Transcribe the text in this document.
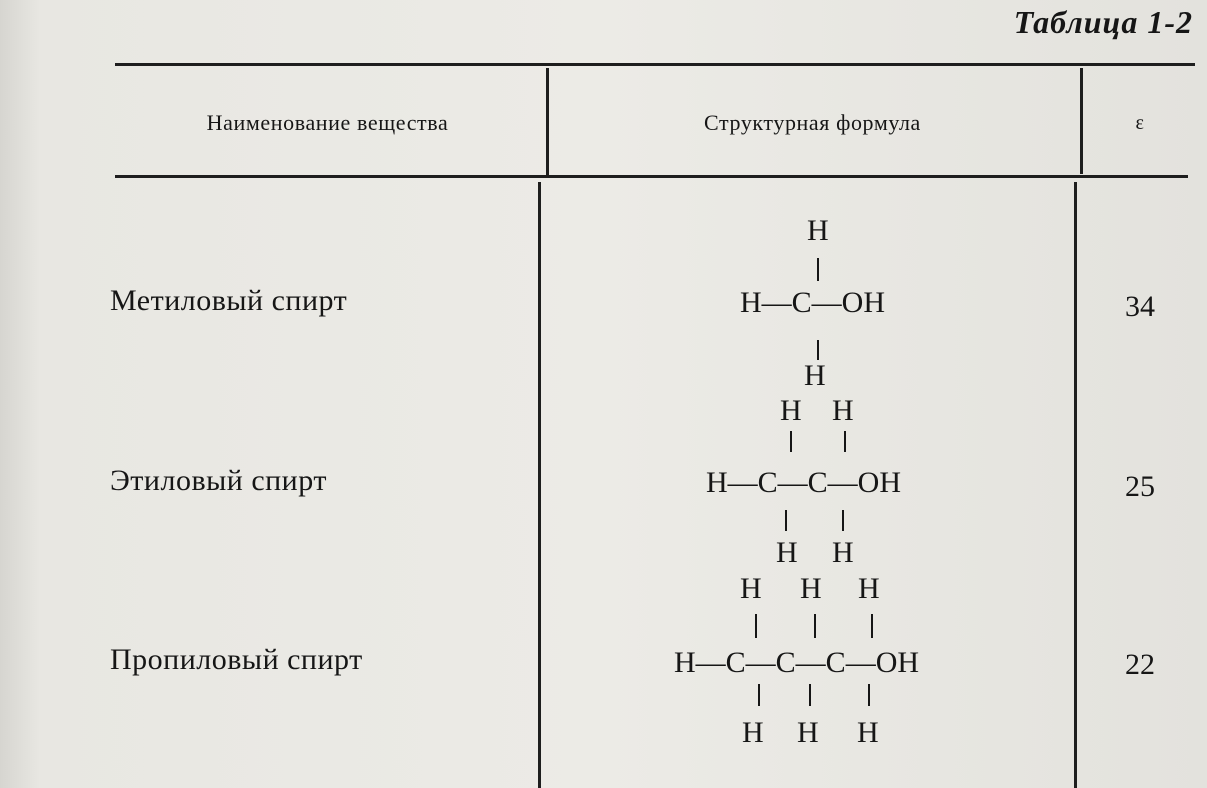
Таблица 1-2
Наименование вещества	Структурная формула	ε
Метиловый спирт
Этиловый спирт
Пропиловый спирт
34
25
22
H
H—C—OH
H
H H
H—C—C—OH
H H
H H H
H—C—C—C—OH
H H H
